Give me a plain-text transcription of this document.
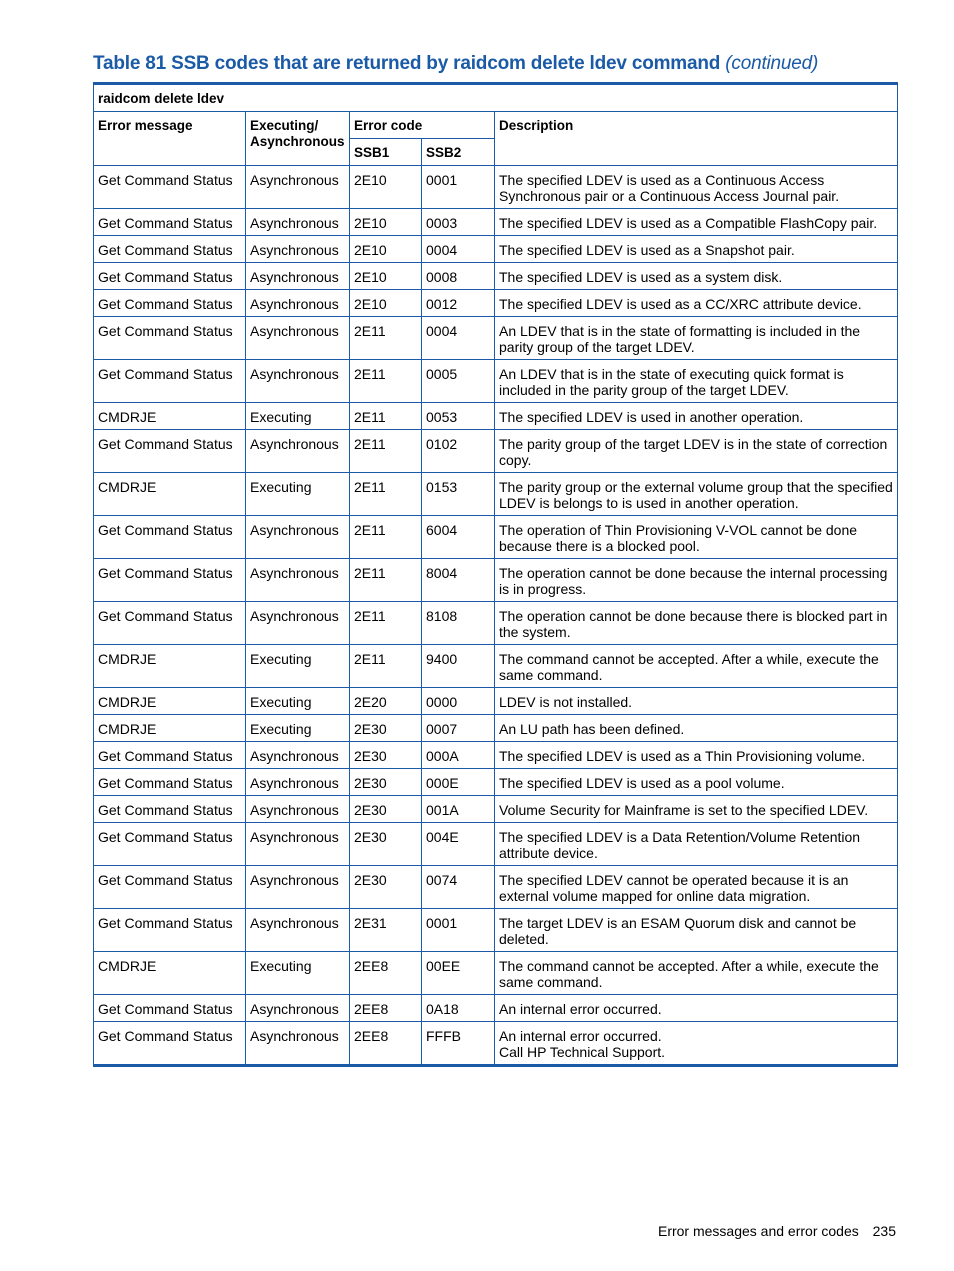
Table 81 SSB codes that are returned by raidcom delete ldev command (continued)
raidcom delete ldev				
Error message	Executing/ Asynchronous	Error code		Description
		SSB1	SSB2	
Get Command Status	Asynchronous	2E10	0001	The specified LDEV is used as a Continuous Access Synchronous pair or a Continuous Access Journal pair.
Get Command Status	Asynchronous	2E10	0003	The specified LDEV is used as a Compatible FlashCopy pair.
Get Command Status	Asynchronous	2E10	0004	The specified LDEV is used as a Snapshot pair.
Get Command Status	Asynchronous	2E10	0008	The specified LDEV is used as a system disk.
Get Command Status	Asynchronous	2E10	0012	The specified LDEV is used as a CC/XRC attribute device.
Get Command Status	Asynchronous	2E11	0004	An LDEV that is in the state of formatting is included in the parity group of the target LDEV.
Get Command Status	Asynchronous	2E11	0005	An LDEV that is in the state of executing quick format is included in the parity group of the target LDEV.
CMDRJE	Executing	2E11	0053	The specified LDEV is used in another operation.
Get Command Status	Asynchronous	2E11	0102	The parity group of the target LDEV is in the state of correction copy.
CMDRJE	Executing	2E11	0153	The parity group or the external volume group that the specified LDEV is belongs to is used in another operation.
Get Command Status	Asynchronous	2E11	6004	The operation of Thin Provisioning V-VOL cannot be done because there is a blocked pool.
Get Command Status	Asynchronous	2E11	8004	The operation cannot be done because the internal processing is in progress.
Get Command Status	Asynchronous	2E11	8108	The operation cannot be done because there is blocked part in the system.
CMDRJE	Executing	2E11	9400	The command cannot be accepted. After a while, execute the same command.
CMDRJE	Executing	2E20	0000	LDEV is not installed.
CMDRJE	Executing	2E30	0007	An LU path has been defined.
Get Command Status	Asynchronous	2E30	000A	The specified LDEV is used as a Thin Provisioning volume.
Get Command Status	Asynchronous	2E30	000E	The specified LDEV is used as a pool volume.
Get Command Status	Asynchronous	2E30	001A	Volume Security for Mainframe is set to the specified LDEV.
Get Command Status	Asynchronous	2E30	004E	The specified LDEV is a Data Retention/Volume Retention attribute device.
Get Command Status	Asynchronous	2E30	0074	The specified LDEV cannot be operated because it is an external volume mapped for online data migration.
Get Command Status	Asynchronous	2E31	0001	The target LDEV is an ESAM Quorum disk and cannot be deleted.
CMDRJE	Executing	2EE8	00EE	The command cannot be accepted. After a while, execute the same command.
Get Command Status	Asynchronous	2EE8	0A18	An internal error occurred.
Get Command Status	Asynchronous	2EE8	FFFB	An internal error occurred.
Call HP Technical Support.
Error messages and error codes 235
